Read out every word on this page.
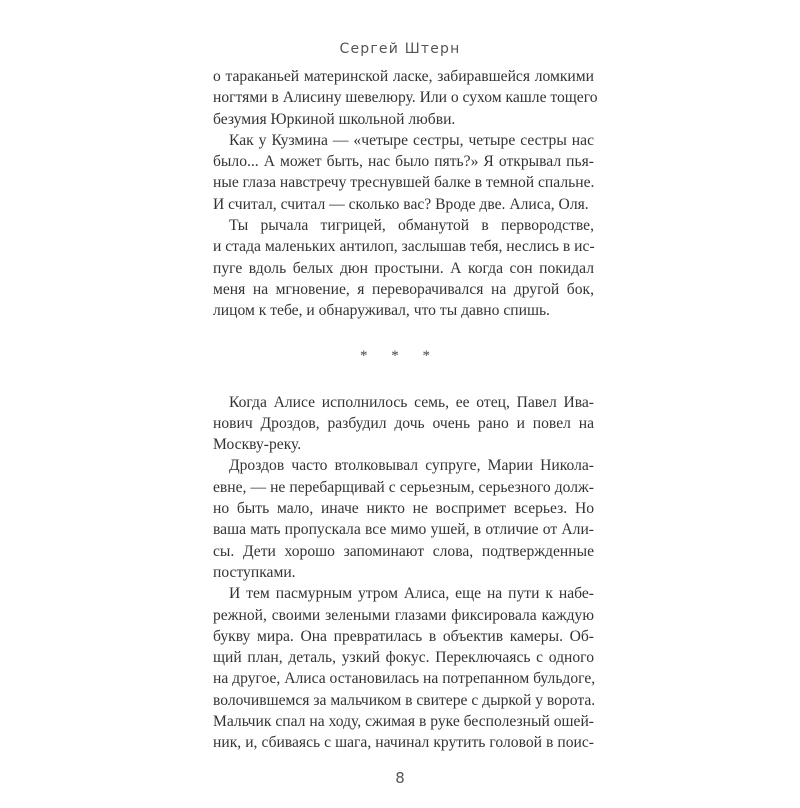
Сергей Штерн
о тараканьей материнской ласке, забиравшейся ломкими
ногтями в Алисину шевелюру. Или о сухом кашле тощего
безумия Юркиной школьной любви.
Как у Кузмина — «четыре сестры, четыре сестры нас
было... А может быть, нас было пять?» Я открывал пья-
ные глаза навстречу треснувшей балке в темной спальне.
И считал, считал — сколько вас? Вроде две. Алиса, Оля.
Ты рычала тигрицей, обманутой в первородстве,
и стада маленьких антилоп, заслышав тебя, неслись в ис-
пуге вдоль белых дюн простыни. А когда сон покидал
меня на мгновение, я переворачивался на другой бок,
лицом к тебе, и обнаруживал, что ты давно спишь.
* * *
Когда Алисе исполнилось семь, ее отец, Павел Ива-
нович Дроздов, разбудил дочь очень рано и повел на
Москву-реку.
Дроздов часто втолковывал супруге, Марии Никола-
евне, — не перебарщивай с серьезным, серьезного долж-
но быть мало, иначе никто не воспримет всерьез. Но
ваша мать пропускала все мимо ушей, в отличие от Али-
сы. Дети хорошо запоминают слова, подтвержденные
поступками.
И тем пасмурным утром Алиса, еще на пути к набе-
режной, своими зелеными глазами фиксировала каждую
букву мира. Она превратилась в объектив камеры. Об-
щий план, деталь, узкий фокус. Переключаясь с одного
на другое, Алиса остановилась на потрепанном бульдоге,
волочившемся за мальчиком в свитере с дыркой у ворота.
Мальчик спал на ходу, сжимая в руке бесполезный ошей-
ник, и, сбиваясь с шага, начинал крутить головой в поис-
8
